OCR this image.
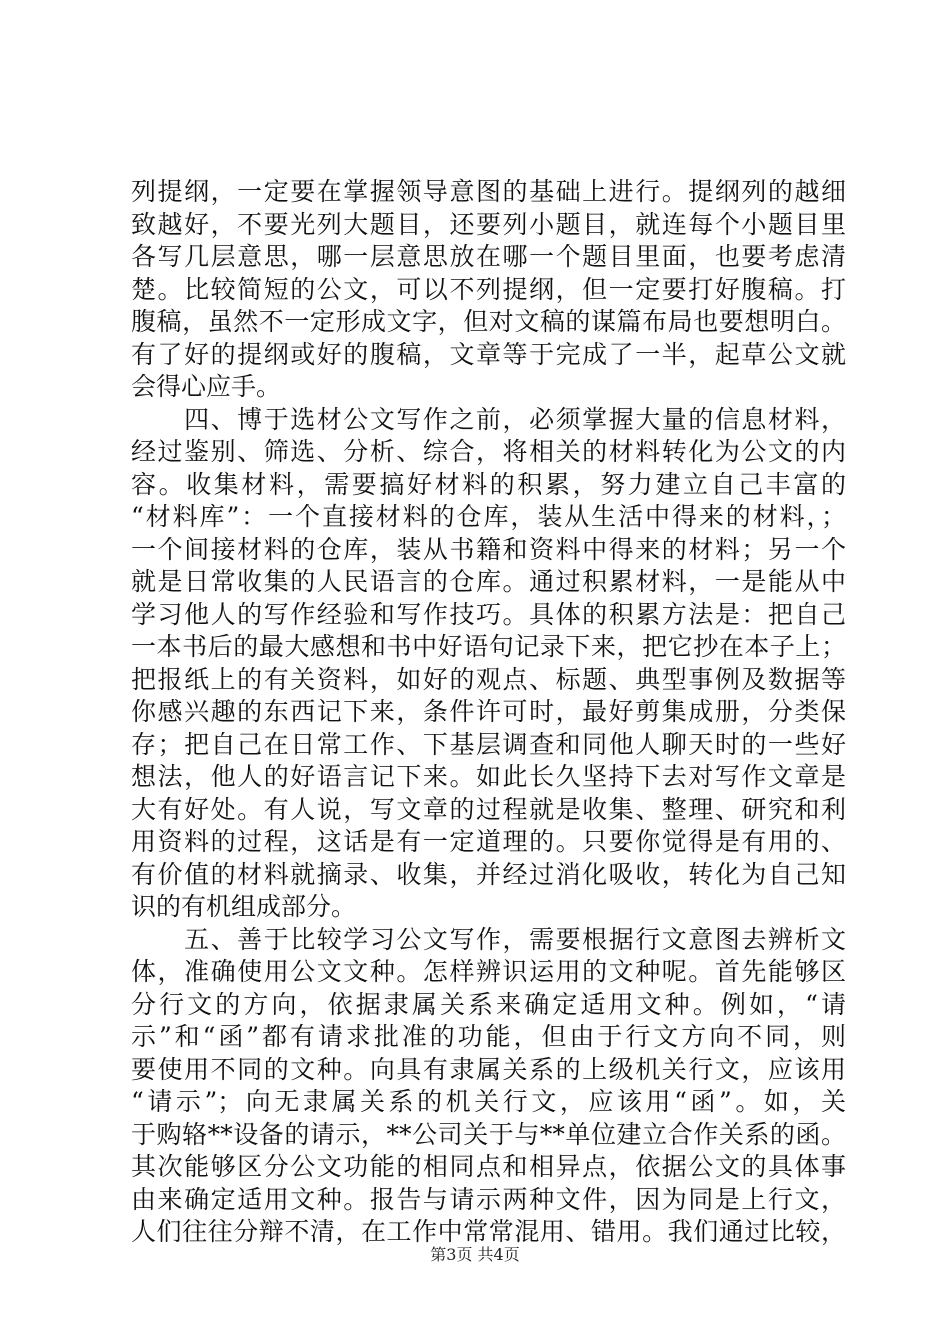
列提纲，一定要在掌握领导意图的基础上进行。提纲列的越细
致越好，不要光列大题目，还要列小题目，就连每个小题目里
各写几层意思，哪一层意思放在哪一个题目里面，也要考虑清
楚。比较简短的公文，可以不列提纲，但一定要打好腹稿。打
腹稿，虽然不一定形成文字，但对文稿的谋篇布局也要想明白。
有了好的提纲或好的腹稿，文章等于完成了一半，起草公文就
会得心应手。
　　四、博于选材公文写作之前，必须掌握大量的信息材料，
经过鉴别、筛选、分析、综合，将相关的材料转化为公文的内
容。收集材料，需要搞好材料的积累，努力建立自己丰富的
“材料库”：一个直接材料的仓库，装从生活中得来的材料，；
一个间接材料的仓库，装从书籍和资料中得来的材料；另一个
就是日常收集的人民语言的仓库。通过积累材料，一是能从中
学习他人的写作经验和写作技巧。具体的积累方法是：把自己
一本书后的最大感想和书中好语句记录下来，把它抄在本子上；
把报纸上的有关资料，如好的观点、标题、典型事例及数据等
你感兴趣的东西记下来，条件许可时，最好剪集成册，分类保
存；把自己在日常工作、下基层调查和同他人聊天时的一些好
想法，他人的好语言记下来。如此长久坚持下去对写作文章是
大有好处。有人说，写文章的过程就是收集、整理、研究和利
用资料的过程，这话是有一定道理的。只要你觉得是有用的、
有价值的材料就摘录、收集，并经过消化吸收，转化为自己知
识的有机组成部分。
　　五、善于比较学习公文写作，需要根据行文意图去辨析文
体，准确使用公文文种。怎样辨识运用的文种呢。首先能够区
分行文的方向，依据隶属关系来确定适用文种。例如，“请
示”和“函”都有请求批准的功能，但由于行文方向不同，则
要使用不同的文种。向具有隶属关系的上级机关行文，应该用
“请示”；向无隶属关系的机关行文，应该用“函”。如，关
于购辂**设备的请示，**公司关于与**单位建立合作关系的函。
其次能够区分公文功能的相同点和相异点，依据公文的具体事
由来确定适用文种。报告与请示两种文件，因为同是上行文，
人们往往分辩不清，在工作中常常混用、错用。我们通过比较，
第3页 共4页
